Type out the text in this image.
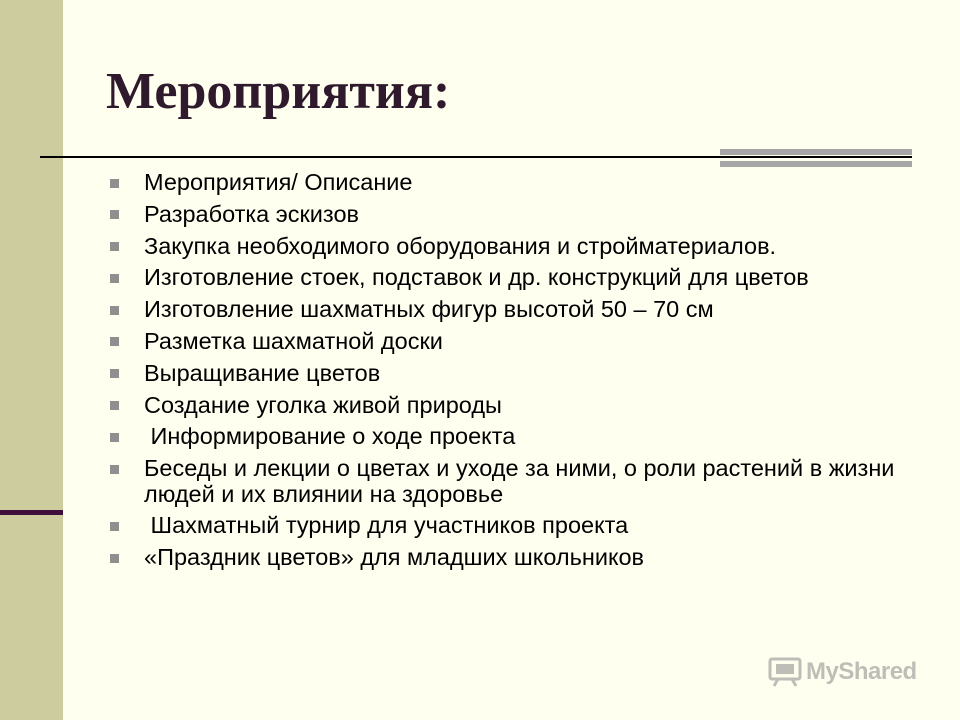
Мероприятия:
Мероприятия/ Описание
Разработка эскизов
Закупка необходимого оборудования и стройматериалов.
Изготовление стоек, подставок и др. конструкций для цветов
Изготовление шахматных фигур высотой 50 – 70 см
Разметка шахматной доски
Выращивание цветов
Создание уголка живой природы
Информирование о ходе проекта
Беседы и лекции о цветах и уходе за ними, о роли растений в жизни людей и их влиянии на здоровье
Шахматный турнир для участников проекта
«Праздник цветов» для младших школьников
MyShared
